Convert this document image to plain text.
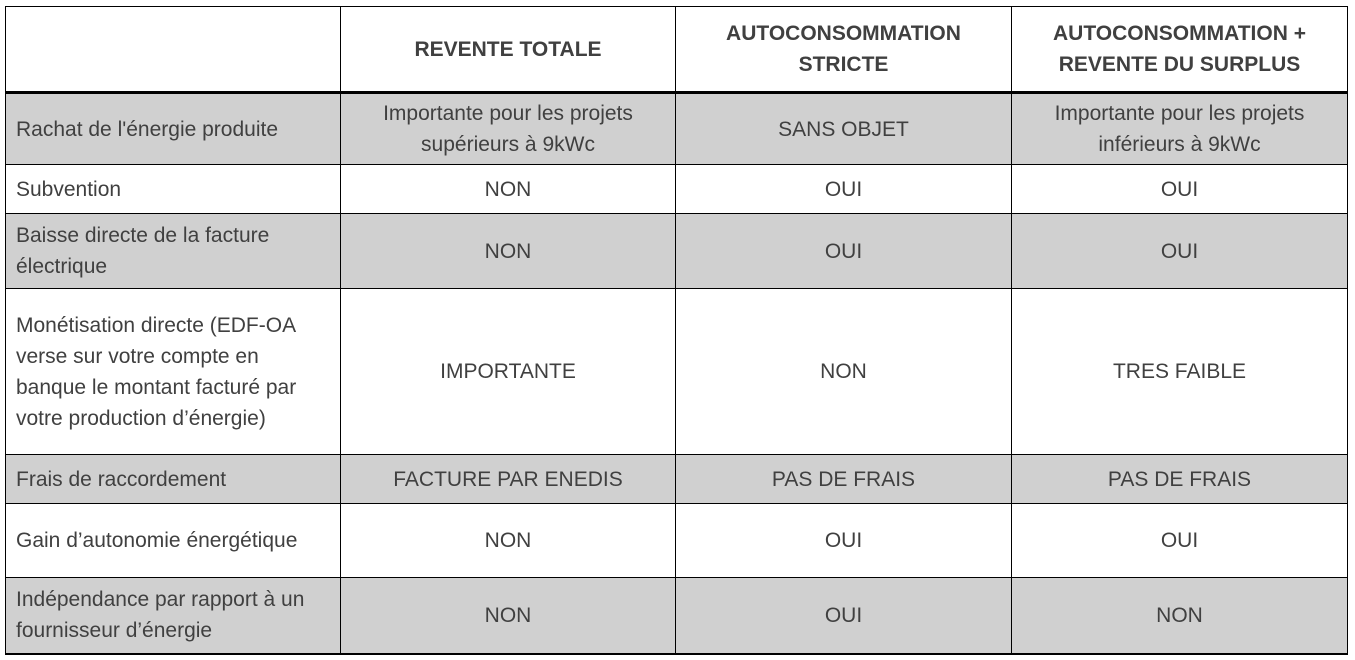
	REVENTE TOTALE	AUTOCONSOMMATION STRICTE	AUTOCONSOMMATION + REVENTE DU SURPLUS
Rachat de l'énergie produite	Importante pour les projets supérieurs à 9kWc	SANS OBJET	Importante pour les projets inférieurs à 9kWc
Subvention	NON	OUI	OUI
Baisse directe de la facture électrique	NON	OUI	OUI
Monétisation directe (EDF-OA verse sur votre compte en banque le montant facturé par votre production d’énergie)	IMPORTANTE	NON	TRES FAIBLE
Frais de raccordement	FACTURE PAR ENEDIS	PAS DE FRAIS	PAS DE FRAIS
Gain d’autonomie énergétique	NON	OUI	OUI
Indépendance par rapport à un fournisseur d’énergie	NON	OUI	NON
